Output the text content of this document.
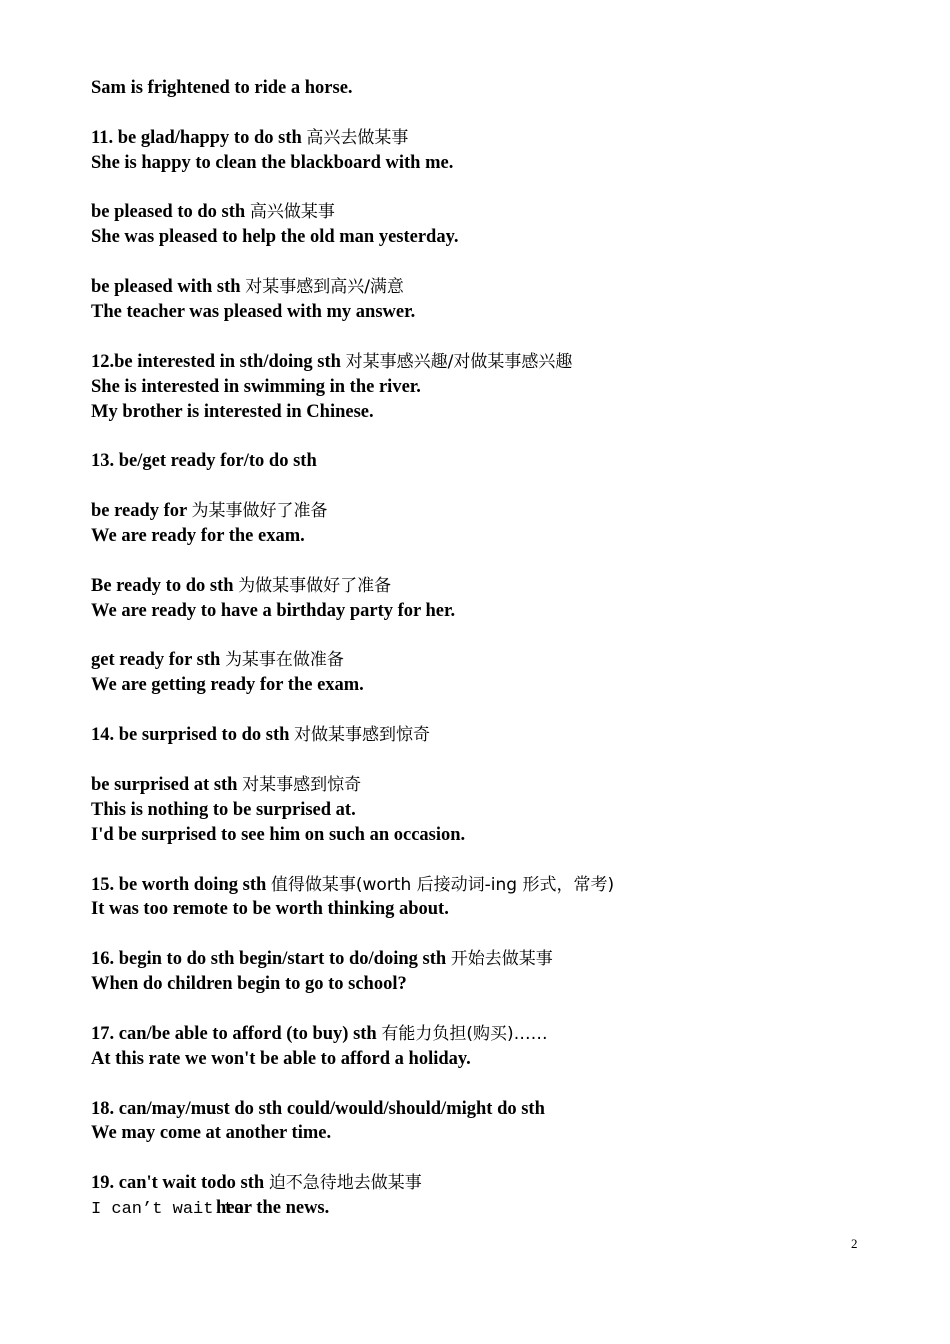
Sam is frightened to ride a horse.
11. be glad/happy to do sth 高兴去做某事
She is happy to clean the blackboard with me.
be pleased to do sth 高兴做某事
She was pleased to help the old man yesterday.
be pleased with sth 对某事感到高兴/满意
The teacher was pleased with my answer.
12.be interested in sth/doing sth 对某事感兴趣/对做某事感兴趣
She is interested in swimming in the river.
My brother is interested in Chinese.
13. be/get ready for/to do sth
be ready for 为某事做好了准备
We are ready for the exam.
Be ready to do sth 为做某事做好了准备
We are ready to have a birthday party for her.
get ready for sth 为某事在做准备
We are getting ready for the exam.
14. be surprised to do sth 对做某事感到惊奇
be surprised at sth 对某事感到惊奇
This is nothing to be surprised at.
I'd be surprised to see him on such an occasion.
15. be worth doing sth 值得做某事(worth 后接动词-ing 形式，常考)
It was too remote to be worth thinking about.
16. begin to do sth begin/start to do/doing sth 开始去做某事
When do children begin to go to school?
17. can/be able to afford (to buy) sth 有能力负担(购买)……
At this rate we won't be able to afford a holiday.
18. can/may/must do sth could/would/should/might do sth
We may come at another time.
19. can't wait todo sth 迫不急待地去做某事
I can’t wait tohear the news.
2
